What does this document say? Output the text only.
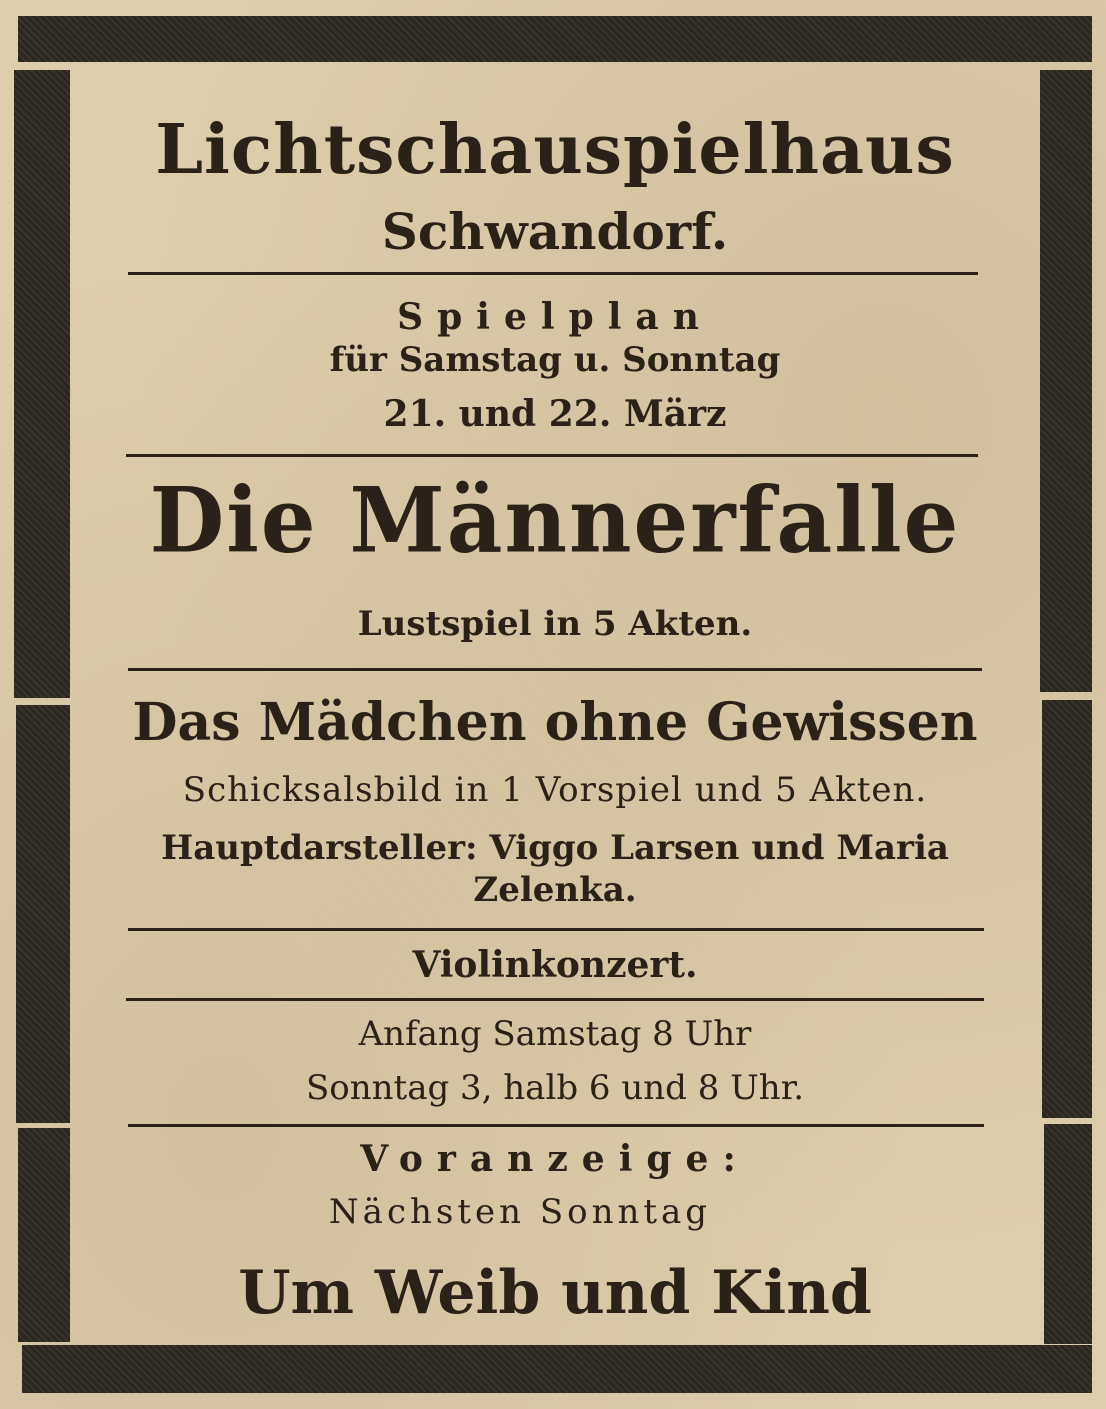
Lichtschauspielhaus
Schwandorf.
Spielplan
für Samstag u. Sonntag
21. und 22. März
Die Männerfalle
Lustspiel in 5 Akten.
Das Mädchen ohne Gewissen
Schicksalsbild in 1 Vorspiel und 5 Akten.
Hauptdarsteller: Viggo Larsen und Maria
Zelenka.
Violinkonzert.
Anfang Samstag 8 Uhr
Sonntag 3, halb 6 und 8 Uhr.
Voranzeige:
Nächsten Sonntag
Um Weib und Kind
